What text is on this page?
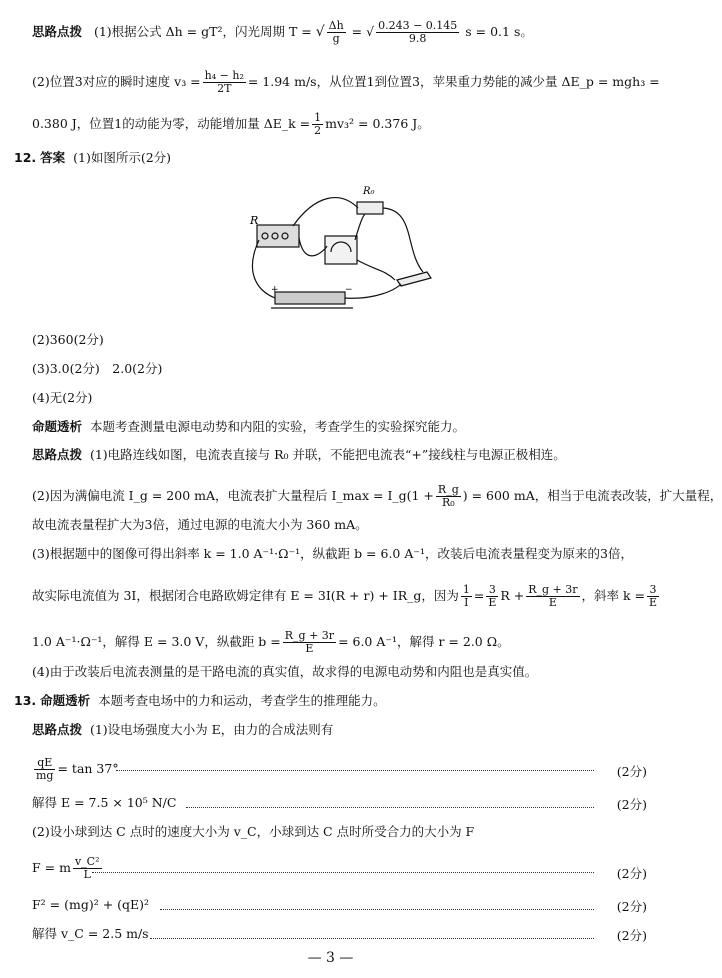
思路点拨 (1)根据公式 Δh = gT²，闪光周期 T = √ $\frac{\Delta h}{g}$ = √ $\frac{0.243 - 0.145}{9.8}$ s = 0.1 s。
(2)位置3对应的瞬时速度 $v_3 = \frac{\text{h₄ − h₂}}{2T} = 1.94$ m/s，从位置1到位置3，苹果重力势能的减少量 ΔE_p = mgh₃ =
0.380 J，位置1的动能为零，动能增加量 ΔE_k = $\frac{1}{2} mv_3^2 = 0.376$ J。
12. 答案 (1)如图所示(2分)
R
R₀
+	−
(2)360(2分)
(3)3.0(2分)　2.0(2分)
(4)无(2分)
命题透析 本题考查测量电源电动势和内阻的实验，考查学生的实验探究能力。
思路点拨 (1)电路连线如图，电流表直接与 R₀ 并联，不能把电流表“+”接线柱与电源正极相连。
(2)因为满偏电流 I_g = 200 mA，电流表扩大量程后 I_max = I_g(1 + $\frac{R\_g}{\text{R₀}}$ ) = 600 mA，相当于电流表改装，扩大量程，
故电流表量程扩大为3倍，通过电源的电流大小为 360 mA。
(3)根据题中的图像可得出斜率 k = 1.0 A⁻¹·Ω⁻¹，纵截距 b = 6.0 A⁻¹，改装后电流表量程变为原来的3倍，
故实际电流值为 3I，根据闭合电路欧姆定律有 E = 3I(R + r) + IR_g，因为 $\frac{1}{I} = \frac{3}{E}$ $R + \frac{R\_g + 3r}{E}$ ，斜率 $k = \frac{3}{E}$
1.0 A⁻¹·Ω⁻¹，解得 E = 3.0 V，纵截距 $b = \frac{R\_g + 3r}{E} = 6.0$ A⁻¹，解得 r = 2.0 Ω。
(4)由于改装后电流表测量的是干路电流的真实值，故求得的电源电动势和内阻也是真实值。
13. 命题透析 本题考查电场中的力和运动，考查学生的推理能力。
思路点拨 (1)设电场强度大小为 E，由力的合成法则有
$\frac{qE}{mg} = \tan 37^\circ$	(2分)
解得 E = 7.5 × 10⁵ N/C	(2分)
(2)设小球到达 C 点时的速度大小为 v_C，小球到达 C 点时所受合力的大小为 F
F = m $\frac{\text{v\_C²}}{L}$	(2分)
F² = (mg)² + (qE)²	(2分)
解得 v_C = 2.5 m/s	(2分)
— 3 —
